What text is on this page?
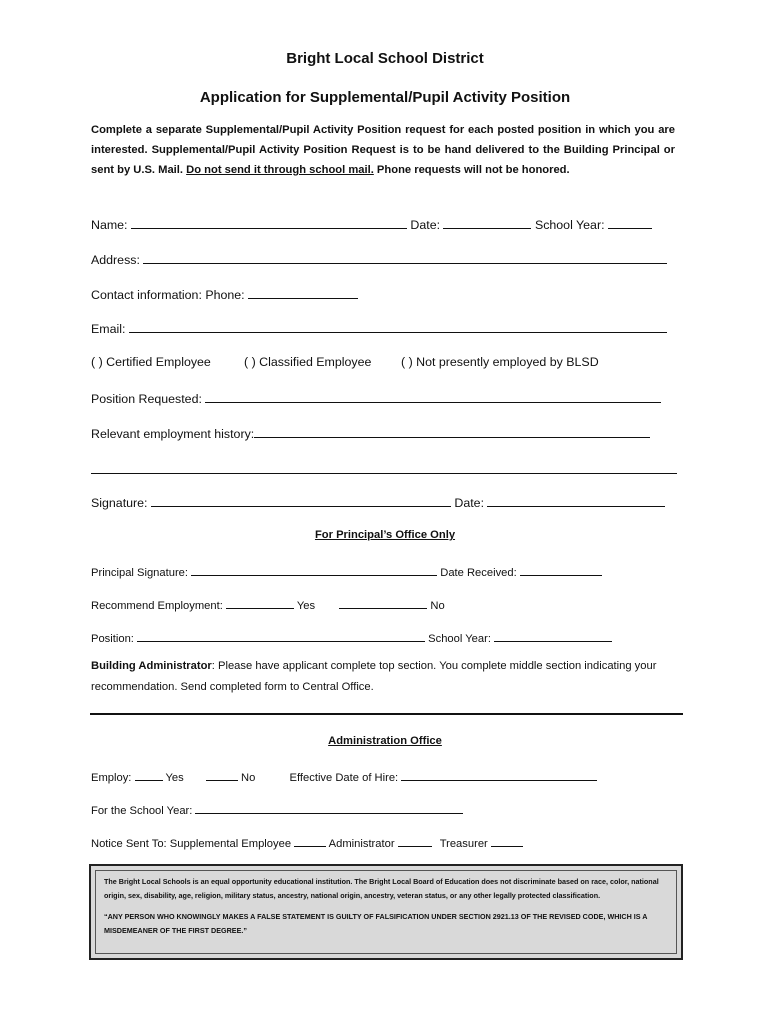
Bright Local School District
Application for Supplemental/Pupil Activity Position
Complete a separate Supplemental/Pupil Activity Position request for each posted position in which you are interested. Supplemental/Pupil Activity Position Request is to be hand delivered to the Building Principal or sent by U.S. Mail. Do not send it through school mail. Phone requests will not be honored.
Name:	Date:	School Year:
Address:
Contact information: Phone:
Email:
( ) Certified Employee	( ) Classified Employee ( ) Not presently employed by BLSD
Position Requested:
Relevant employment history:
Signature:	Date:
For Principal’s Office Only
Principal Signature:	Date Received:
Recommend Employment:	Yes	No
Position:	School Year:
Building Administrator: Please have applicant complete top section. You complete middle section indicating your recommendation. Send completed form to Central Office.
Administration Office
Employ:	Yes	No	Effective Date of Hire:
For the School Year:
Notice Sent To: Supplemental Employee	Administrator	Treasurer

The Bright Local Schools is an equal opportunity educational institution. The Bright Local Board of Education does not discriminate based on race, color, national origin, sex, disability, age, religion, military status, ancestry, national origin, ancestry, veteran status, or any other legally protected classification.

“ANY PERSON WHO KNOWINGLY MAKES A FALSE STATEMENT IS GUILTY OF FALSIFICATION UNDER SECTION 2921.13 OF THE REVISED CODE, WHICH IS A MISDEMEANER OF THE FIRST DEGREE.”
